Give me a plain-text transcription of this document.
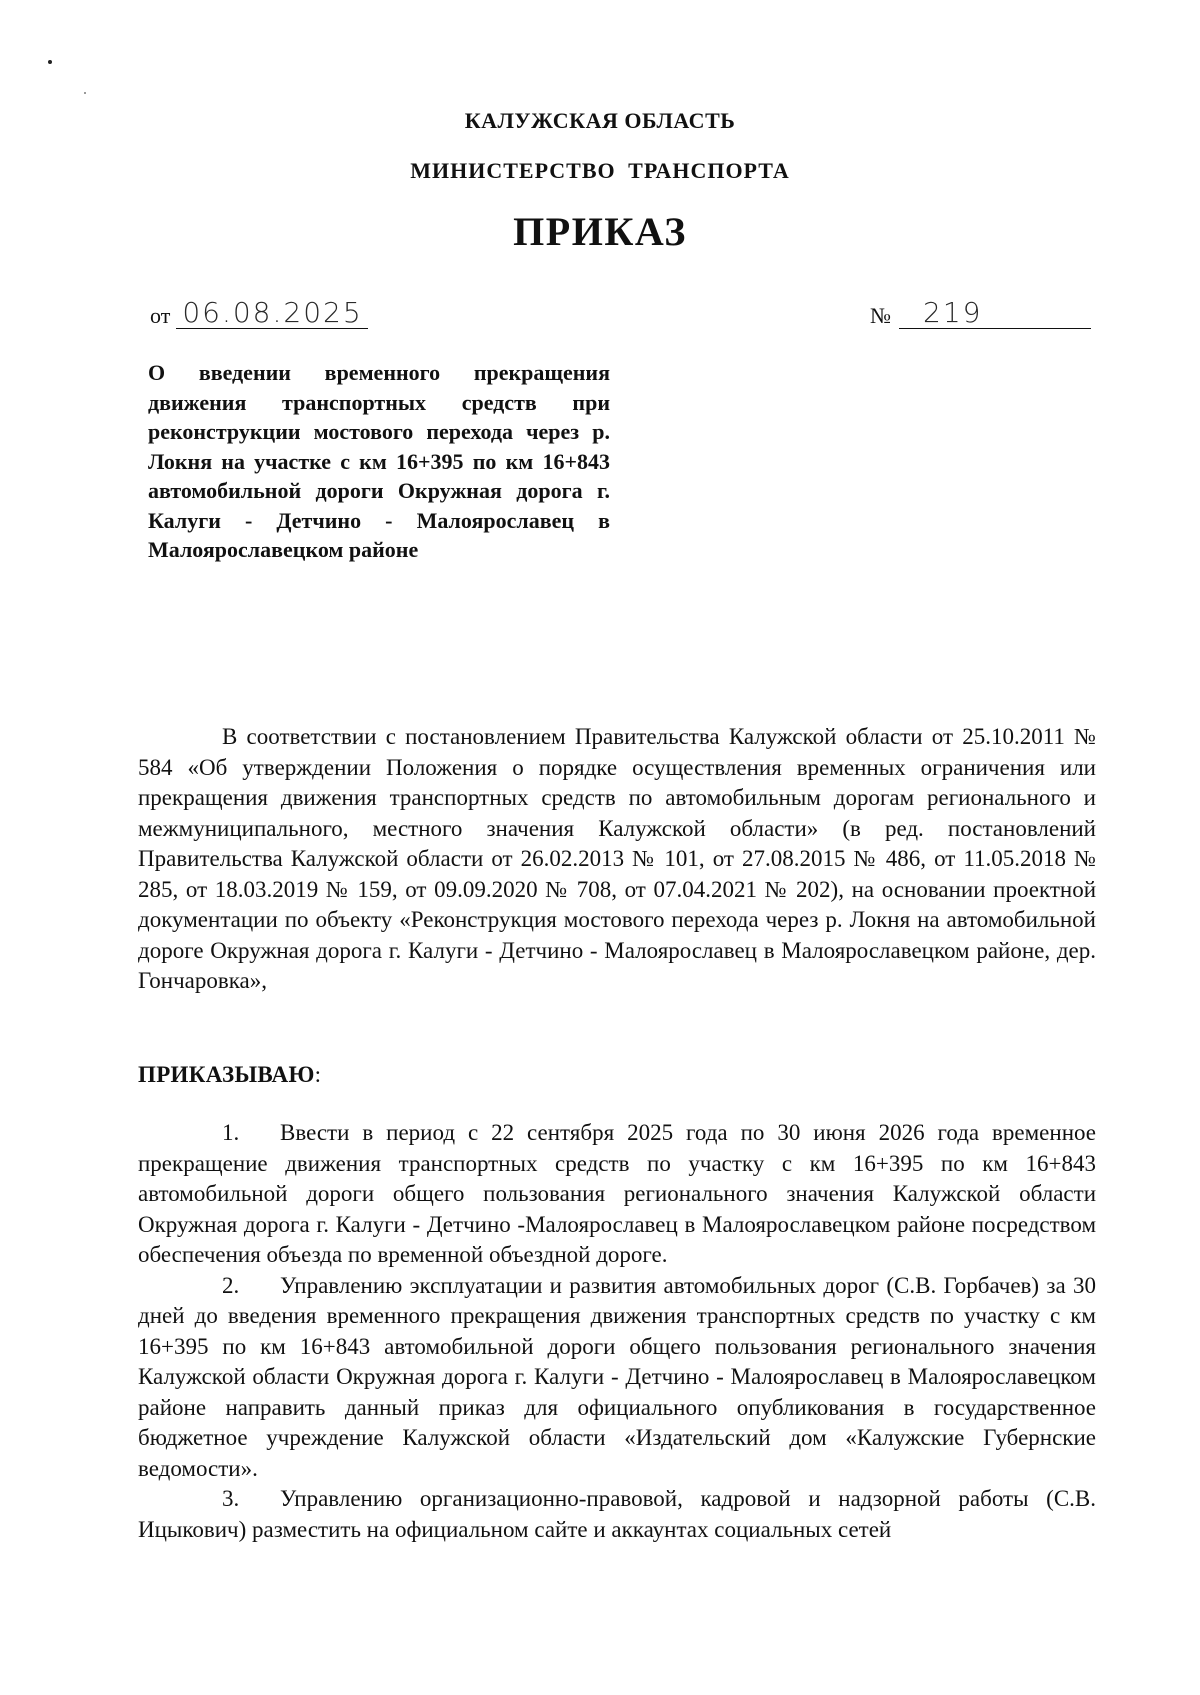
КАЛУЖСКАЯ ОБЛАСТЬ
МИНИСТЕРСТВО ТРАНСПОРТА
ПРИКАЗ
от 06.08.2025	№	219
О введении временного прекращения движения транспортных средств при реконструкции мостового перехода через р. Локня на участке с км 16+395 по км 16+843 автомобильной дороги Окружная дорога г. Калуги - Детчино - Малоярославец в Малоярославецком районе

В соответствии с постановлением Правительства Калужской области от 25.10.2011 № 584 «Об утверждении Положения о порядке осуществления временных ограничения или прекращения движения транспортных средств по автомобильным дорогам регионального и межмуниципального, местного значения Калужской области» (в ред. постановлений Правительства Калужской области от 26.02.2013 № 101, от 27.08.2015 № 486, от 11.05.2018 № 285, от 18.03.2019 № 159, от 09.09.2020 № 708, от 07.04.2021 № 202), на основании проектной документации по объекту «Реконструкция мостового перехода через р. Локня на автомобильной дороге Окружная дорога г. Калуги - Детчино - Малоярославец в Малоярославецком районе, дер. Гончаровка»,

ПРИКАЗЫВАЮ:

1. Ввести в период с 22 сентября 2025 года по 30 июня 2026 года временное прекращение движения транспортных средств по участку с км 16+395 по км 16+843 автомобильной дороги общего пользования регионального значения Калужской области Окружная дорога г. Калуги - Детчино -Малоярославец в Малоярославецком районе посредством обеспечения объезда по временной объездной дороге.

2. Управлению эксплуатации и развития автомобильных дорог (С.В. Горбачев) за 30 дней до введения временного прекращения движения транспортных средств по участку с км 16+395 по км 16+843 автомобильной дороги общего пользования регионального значения Калужской области Окружная дорога г. Калуги - Детчино - Малоярославец в Малоярославецком районе направить данный приказ для официального опубликования в государственное бюджетное учреждение Калужской области «Издательский дом «Калужские Губернские ведомости».

3. Управлению организационно-правовой, кадровой и надзорной работы (С.В. Ицыкович) разместить на официальном сайте и аккаунтах социальных сетей
